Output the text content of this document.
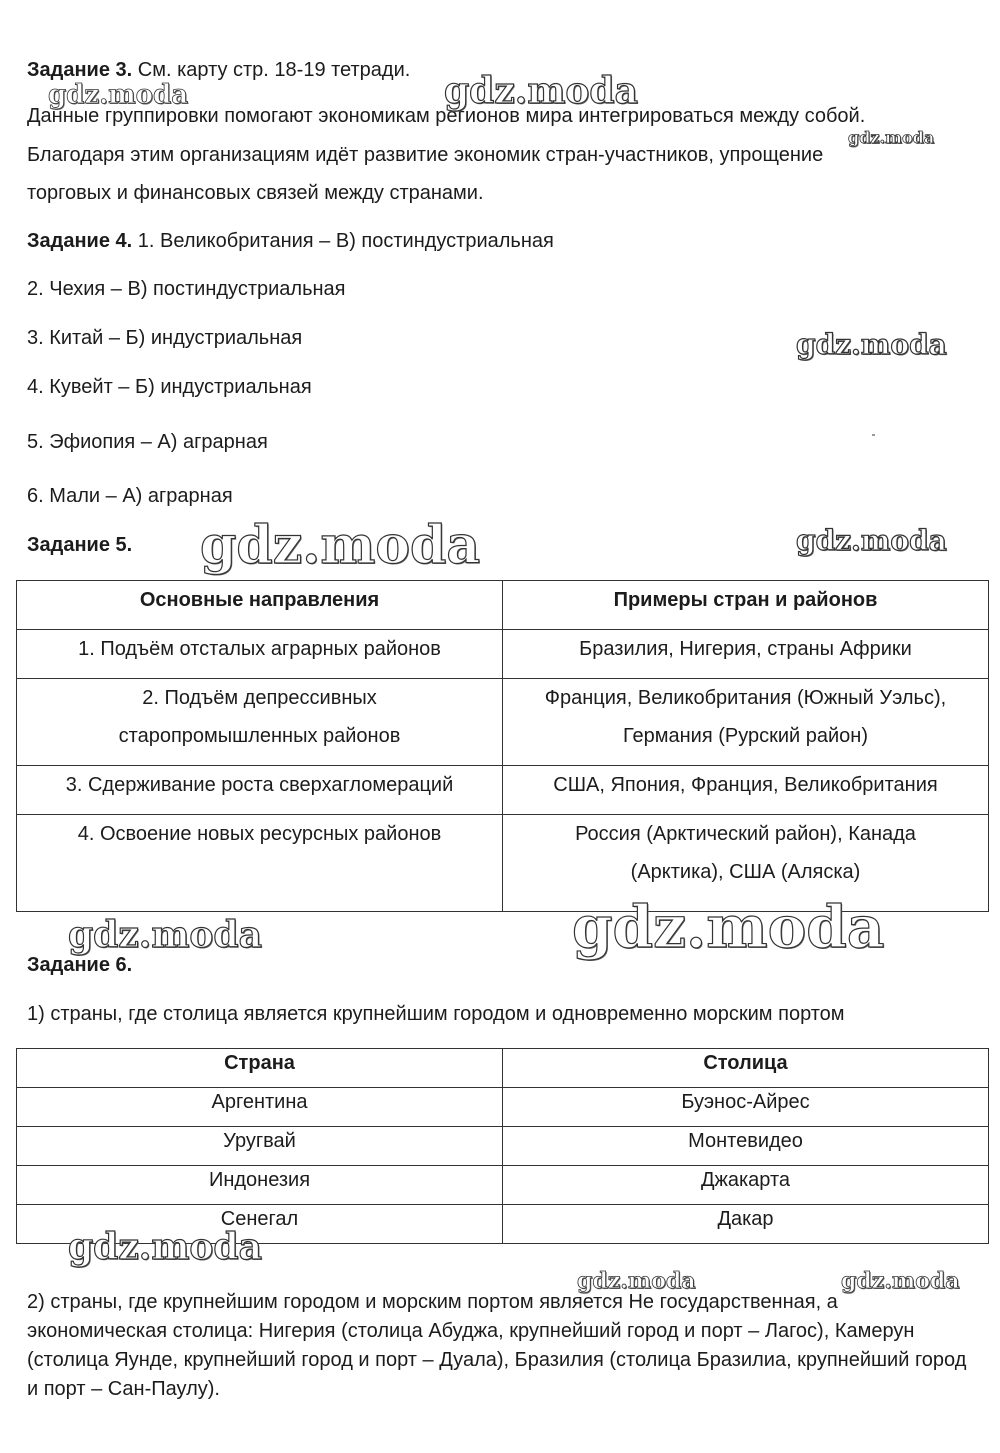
Задание 3. См. карту стр. 18-19 тетради.
Данные группировки помогают экономикам регионов мира интегрироваться между собой.
Благодаря этим организациям идёт развитие экономик стран-участников, упрощение
торговых и финансовых связей между странами.
Задание 4. 1. Великобритания – В) постиндустриальная
2. Чехия – В) постиндустриальная
3. Китай – Б) индустриальная
4. Кувейт – Б) индустриальная
5. Эфиопия – А) аграрная
6. Мали – А) аграрная
Задание 5.
Основные направления	Примеры стран и районов
1. Подъём отсталых аграрных районов	Бразилия, Нигерия, страны Африки
2. Подъём депрессивных старопромышленных районов	Франция, Великобритания (Южный Уэльс), Германия (Рурский район)
3. Сдерживание роста сверхагломераций	США, Япония, Франция, Великобритания
4. Освоение новых ресурсных районов	Россия (Арктический район), Канада (Арктика), США (Аляска)
Задание 6.
1) страны, где столица является крупнейшим городом и одновременно морским портом
Страна	Столица
Аргентина	Буэнос-Айрес
Уругвай	Монтевидео
Индонезия	Джакарта
Сенегал	Дакар
2) страны, где крупнейшим городом и морским портом является Не государственная, а экономическая столица: Нигерия (столица Абуджа, крупнейший город и порт – Лагос), Камерун (столица Яунде, крупнейший город и порт – Дуала), Бразилия (столица Бразилиа, крупнейший город и порт – Сан-Паулу).
gdz.moda	gdz.moda
gdz.moda
gdz.moda
gdz.moda	gdz.moda
gdz.moda	gdz.moda
gdz.moda
gdz.moda	gdz.moda
